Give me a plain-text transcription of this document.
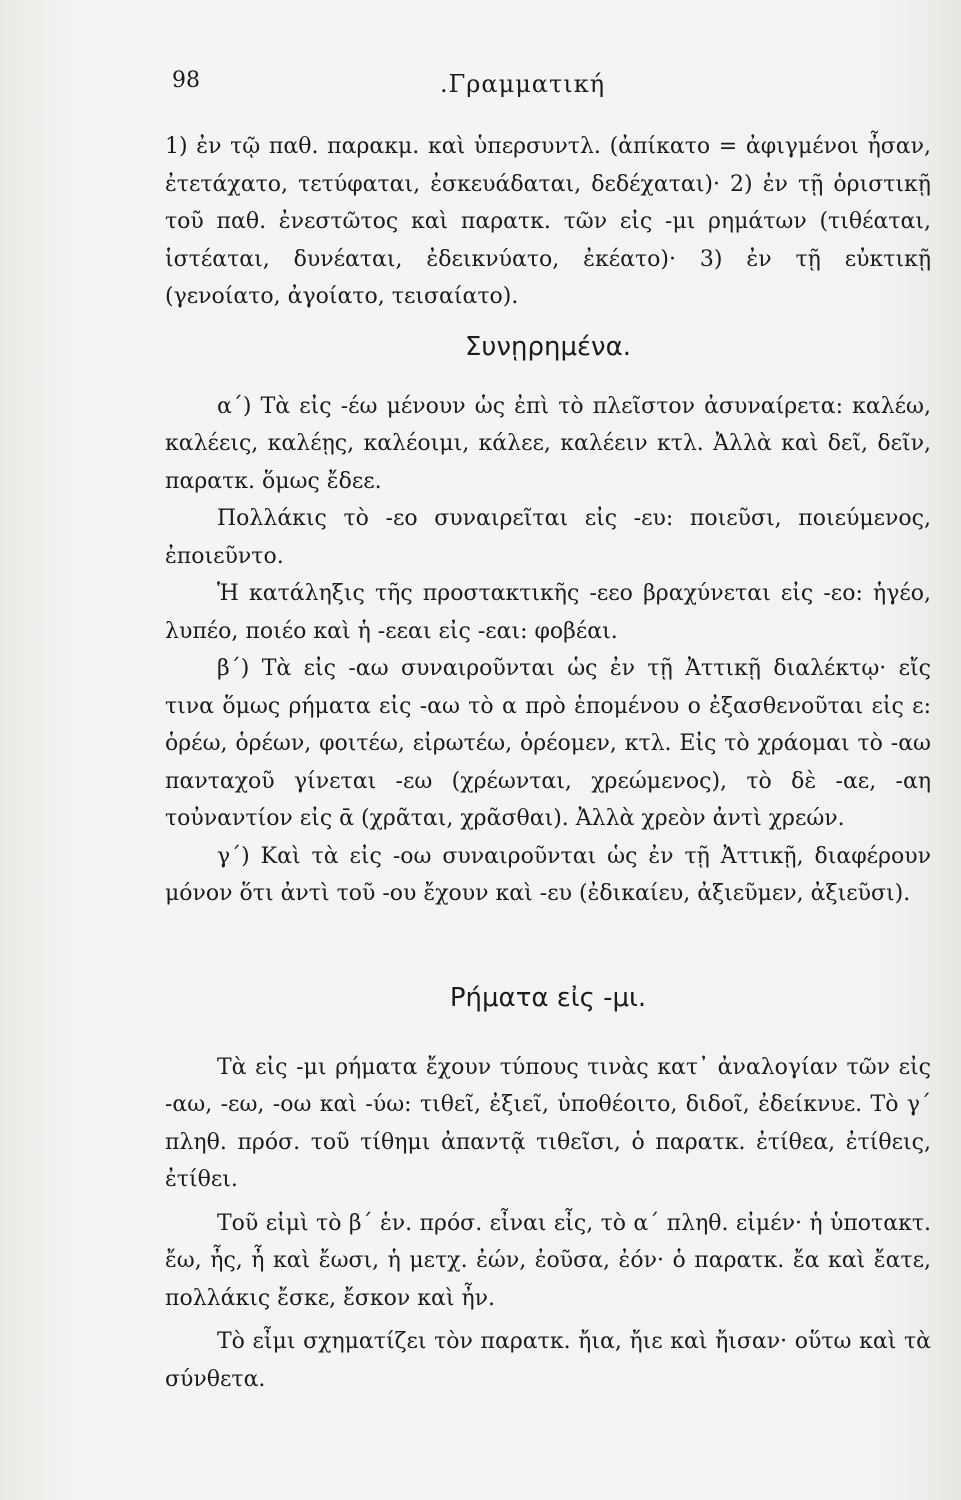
98	.Γραμματική

1) ἐν τῷ παθ. παρακμ. καὶ ὑπερσυντλ. (ἀπίκατο = ἀφιγμένοι ἦσαν, ἐτετάχατο, τετύφαται, ἐσκευάδαται, δεδέχαται)· 2) ἐν τῇ ὁριστικῇ τοῦ παθ. ἐνεστῶτος καὶ παρατκ. τῶν εἰς -μι ρημάτων (τιθέαται, ἱστέαται, δυνέαται, ἐδεικνύατο, ἐκέατο)· 3) ἐν τῇ εὐκτικῇ (γενοίατο, ἀγοίατο, τεισαίατο).

Συνῃρημένα.

α΄) Τὰ εἰς -έω μένουν ὡς ἐπὶ τὸ πλεῖστον ἀσυναίρετα: καλέω, καλέεις, καλέῃς, καλέοιμι, κάλεε, καλέειν κτλ. Ἀλλὰ καὶ δεῖ, δεῖν, παρατκ. ὅμως ἔδεε.

Πολλάκις τὸ -εο συναιρεῖται εἰς -ευ: ποιεῦσι, ποιεύμενος, ἐποιεῦντο.

Ἡ κατάληξις τῆς προστακτικῆς -εεο βραχύνεται εἰς -εο: ἡγέο, λυπέο, ποιέο καὶ ἡ -εεαι εἰς -εαι: φοβέαι.

β΄) Τὰ εἰς -αω συναιροῦνται ὡς ἐν τῇ Ἀττικῇ διαλέκτῳ· εἴς τινα ὅμως ρήματα εἰς -αω τὸ α πρὸ ἑπομένου ο ἐξασθενοῦται εἰς ε: ὁρέω, ὁρέων, φοιτέω, εἰρωτέω, ὁρέομεν, κτλ. Εἰς τὸ χράομαι τὸ -αω πανταχοῦ γίνεται -εω (χρέωνται, χρεώμενος), τὸ δὲ -αε, -αη τοὐναντίον εἰς ᾱ (χρᾶται, χρᾶσθαι). Ἀλλὰ χρεὸν ἀντὶ χρεών.

γ΄) Καὶ τὰ εἰς -οω συναιροῦνται ὡς ἐν τῇ Ἀττικῇ, διαφέρουν μόνον ὅτι ἀντὶ τοῦ -ου ἔχουν καὶ -ευ (ἐδικαίευ, ἀξιεῦμεν, ἀξιεῦσι).

Ρήματα εἰς -μι.

Τὰ εἰς -μι ρήματα ἔχουν τύπους τινὰς κατ᾽ ἀναλογίαν τῶν εἰς -αω, -εω, -οω καὶ -ύω: τιθεῖ, ἐξιεῖ, ὑποθέοιτο, διδοῖ, ἐδείκνυε. Τὸ γ΄ πληθ. πρόσ. τοῦ τίθημι ἀπαντᾷ τιθεῖσι, ὁ παρατκ. ἐτίθεα, ἐτίθεις, ἐτίθει.

Τοῦ εἰμὶ τὸ β΄ ἑν. πρόσ. εἶναι εἶς, τὸ α΄ πληθ. εἰμέν· ἡ ὑποτακτ. ἔω, ἦς, ἦ καὶ ἔωσι, ἡ μετχ. ἐών, ἐοῦσα, ἐόν· ὁ παρατκ. ἔα καὶ ἔατε, πολλάκις ἔσκε, ἔσκον καὶ ἦν.

Τὸ εἶμι σχηματίζει τὸν παρατκ. ἤια, ἤιε καὶ ἤισαν· οὕτω καὶ τὰ σύνθετα.
